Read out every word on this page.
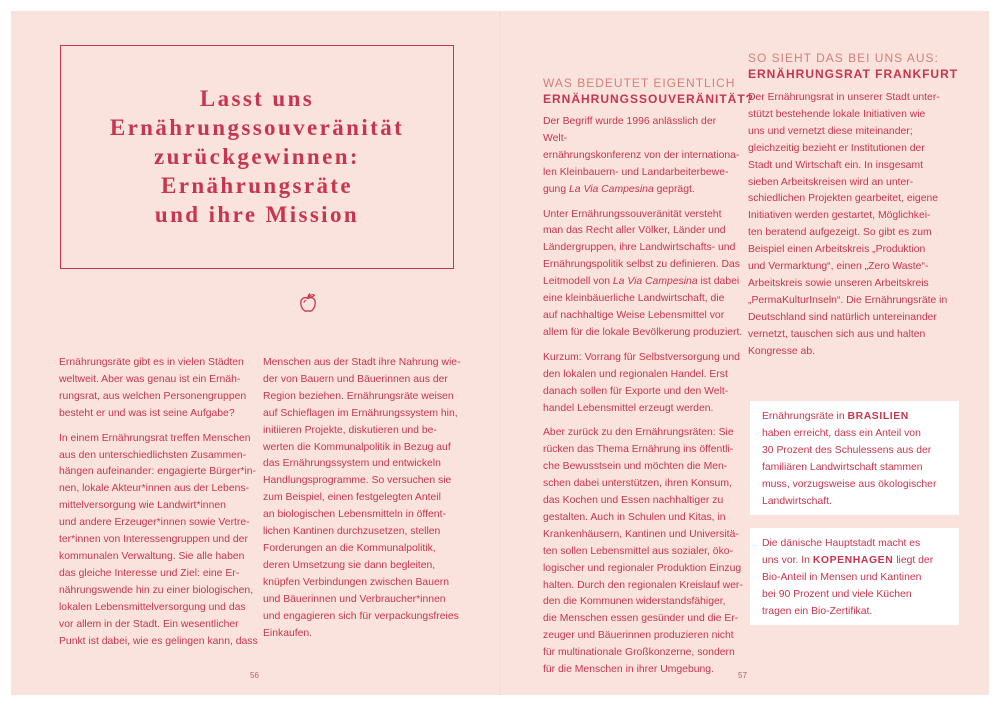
Lasst uns
Ernährungssouveränität
zurückgewinnen:
Ernährungsräte
und ihre Mission

Ernährungsräte gibt es in vielen Städten
weltweit. Aber was genau ist ein Ernäh-
rungsrat, aus welchen Personengruppen
besteht er und was ist seine Aufgabe?

In einem Ernährungsrat treffen Menschen
aus den unterschiedlichsten Zusammen-
hängen aufeinander: engagierte Bürger*in-
nen, lokale Akteur*innen aus der Lebens-
mittelversorgung wie Landwirt*innen
und andere Erzeuger*innen sowie Vertre-
ter*innen von Interessengruppen und der
kommunalen Verwaltung. Sie alle haben
das gleiche Interesse und Ziel: eine Er-
nährungswende hin zu einer biologischen,
lokalen Lebensmittelversorgung und das
vor allem in der Stadt. Ein wesentlicher
Punkt ist dabei, wie es gelingen kann, dass

Menschen aus der Stadt ihre Nahrung wie-
der von Bauern und Bäuerinnen aus der
Region beziehen. Ernährungsräte weisen
auf Schieflagen im Ernährungssystem hin,
initiieren Projekte, diskutieren und be-
werten die Kommunalpolitik in Bezug auf
das Ernährungssystem und entwickeln
Handlungsprogramme. So versuchen sie
zum Beispiel, einen festgelegten Anteil
an biologischen Lebensmitteln in öffent-
lichen Kantinen durchzusetzen, stellen
Forderungen an die Kommunalpolitik,
deren Umsetzung sie dann begleiten,
knüpfen Verbindungen zwischen Bauern
und Bäuerinnen und Verbraucher*innen
und engagieren sich für verpackungsfreies
Einkaufen.

56
WAS BEDEUTET EIGENTLICH
ERNÄHRUNGSSOUVERÄNITÄT?

Der Begriff wurde 1996 anlässlich der Welt-
ernährungskonferenz von der internationa-
len Kleinbauern- und Landarbeiterbewe-
gung La Via Campesina geprägt.

Unter Ernährungssouveränität versteht
man das Recht aller Völker, Länder und
Ländergruppen, ihre Landwirtschafts- und
Ernährungspolitik selbst zu definieren. Das
Leitmodell von La Via Campesina ist dabei
eine kleinbäuerliche Landwirtschaft, die
auf nachhaltige Weise Lebensmittel vor
allem für die lokale Bevölkerung produziert.

Kurzum: Vorrang für Selbstversorgung und
den lokalen und regionalen Handel. Erst
danach sollen für Exporte und den Welt-
handel Lebensmittel erzeugt werden.

Aber zurück zu den Ernährungsräten: Sie
rücken das Thema Ernährung ins öffentli-
che Bewusstsein und möchten die Men-
schen dabei unterstützen, ihren Konsum,
das Kochen und Essen nachhaltiger zu
gestalten. Auch in Schulen und Kitas, in
Krankenhäusern, Kantinen und Universitä-
ten sollen Lebensmittel aus sozialer, öko-
logischer und regionaler Produktion Einzug
halten. Durch den regionalen Kreislauf wer-
den die Kommunen widerstandsfähiger,
die Menschen essen gesünder und die Er-
zeuger und Bäuerinnen produzieren nicht
für multinationale Großkonzerne, sondern
für die Menschen in ihrer Umgebung.

SO SIEHT DAS BEI UNS AUS:
ERNÄHRUNGSRAT FRANKFURT

Der Ernährungsrat in unserer Stadt unter-
stützt bestehende lokale Initiativen wie
uns und vernetzt diese miteinander;
gleichzeitig bezieht er Institutionen der
Stadt und Wirtschaft ein. In insgesamt
sieben Arbeitskreisen wird an unter-
schiedlichen Projekten gearbeitet, eigene
Initiativen werden gestartet, Möglichkei-
ten beratend aufgezeigt. So gibt es zum
Beispiel einen Arbeitskreis „Produktion
und Vermarktung“, einen „Zero Waste“-
Arbeitskreis sowie unseren Arbeitskreis
„PermaKulturInseln“. Die Ernährungsräte in
Deutschland sind natürlich untereinander
vernetzt, tauschen sich aus und halten
Kongresse ab.

Ernährungsräte in BRASILIEN
haben erreicht, dass ein Anteil von
30 Prozent des Schulessens aus der
familiären Landwirtschaft stammen
muss, vorzugsweise aus ökologischer
Landwirtschaft.

Die dänische Hauptstadt macht es
uns vor. In KOPENHAGEN liegt der
Bio-Anteil in Mensen und Kantinen
bei 90 Prozent und viele Küchen
tragen ein Bio-Zertifikat.

57
